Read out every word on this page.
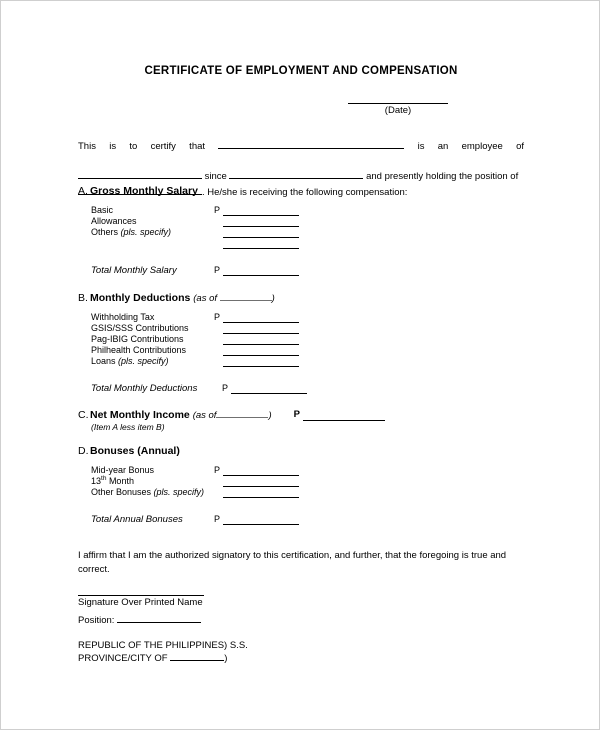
CERTIFICATE OF EMPLOYMENT AND COMPENSATION
(Date)
This is to certify that	is an employee of
since	and presently holding the position of
. He/she is receiving the following compensation:
A. Gross Monthly Salary
Basic	P
Allowances
Others (pls. specify)
Total Monthly Salary	P
B. Monthly Deductions (as of	)
Withholding Tax	P
GSIS/SSS Contributions
Pag-IBIG Contributions
Philhealth Contributions
Loans (pls. specify)
Total Monthly Deductions	P
C. Net Monthly Income (as of	) P
(Item A less item B)
D. Bonuses (Annual)
Mid-year Bonus	P
13th Month
Other Bonuses (pls. specify)
Total Annual Bonuses	P
I affirm that I am the authorized signatory to this certification, and further, that the foregoing is true and correct.
Signature Over Printed Name
Position:
REPUBLIC OF THE PHILIPPINES) S.S.
PROVINCE/CITY OF	)
